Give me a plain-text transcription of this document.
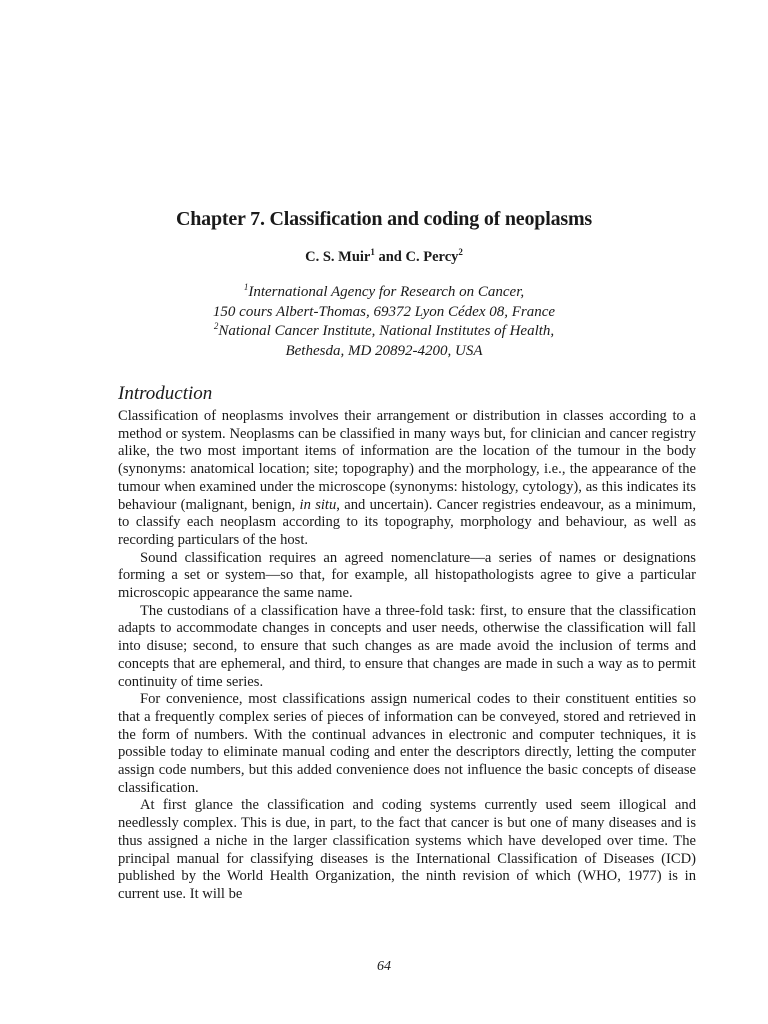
Chapter 7. Classification and coding of neoplasms
C. S. Muir$^1$ and C. Percy$^2$
$^1$International Agency for Research on Cancer,
150 cours Albert-Thomas, 69372 Lyon Cédex 08, France
$^2$National Cancer Institute, National Institutes of Health,
Bethesda, MD 20892-4200, USA
Introduction

Classification of neoplasms involves their arrangement or distribution in classes according to a method or system. Neoplasms can be classified in many ways but, for clinician and cancer registry alike, the two most important items of information are the location of the tumour in the body (synonyms: anatomical location; site; topography) and the morphology, i.e., the appearance of the tumour when examined under the microscope (synonyms: histology, cytology), as this indicates its behaviour (malignant, benign, in situ, and uncertain). Cancer registries endeavour, as a minimum, to classify each neoplasm according to its topography, morphology and behaviour, as well as recording particulars of the host.

Sound classification requires an agreed nomenclature—a series of names or designations forming a set or system—so that, for example, all histopathologists agree to give a particular microscopic appearance the same name.

The custodians of a classification have a three-fold task: first, to ensure that the classification adapts to accommodate changes in concepts and user needs, otherwise the classification will fall into disuse; second, to ensure that such changes as are made avoid the inclusion of terms and concepts that are ephemeral, and third, to ensure that changes are made in such a way as to permit continuity of time series.

For convenience, most classifications assign numerical codes to their constituent entities so that a frequently complex series of pieces of information can be conveyed, stored and retrieved in the form of numbers. With the continual advances in electronic and computer techniques, it is possible today to eliminate manual coding and enter the descriptors directly, letting the computer assign code numbers, but this added convenience does not influence the basic concepts of disease classification.

At first glance the classification and coding systems currently used seem illogical and needlessly complex. This is due, in part, to the fact that cancer is but one of many diseases and is thus assigned a niche in the larger classification systems which have developed over time. The principal manual for classifying diseases is the International Classification of Diseases (ICD) published by the World Health Organization, the ninth revision of which (WHO, 1977) is in current use. It will be

64
